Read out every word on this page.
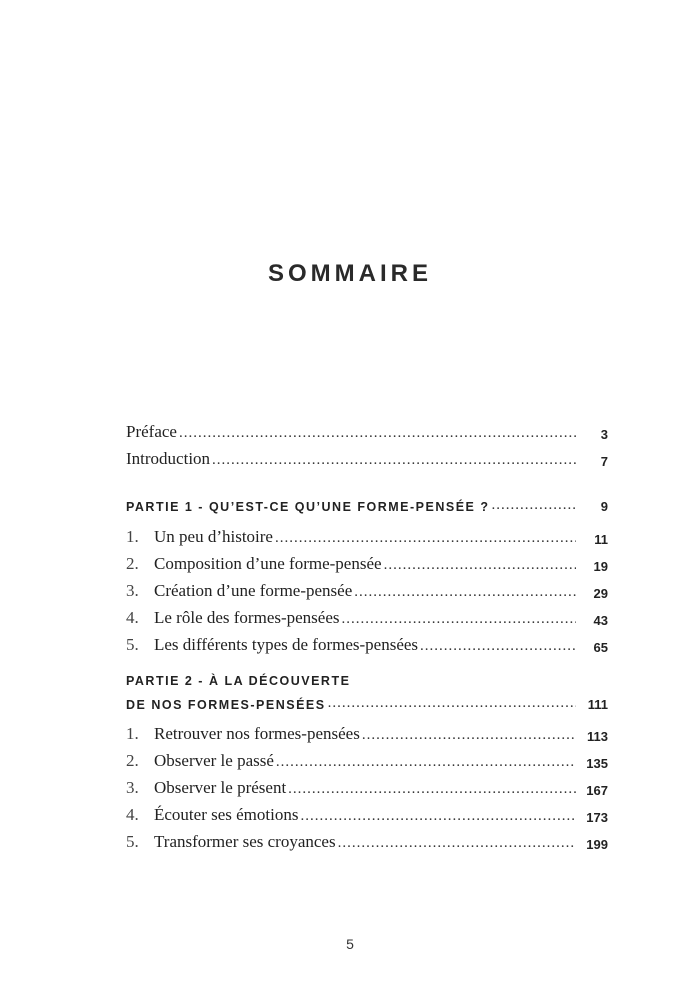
SOMMAIRE
Préface .....	3
Introduction .....	7
PARTIE 1 - QU’EST-CE QU’UNE FORME-PENSÉE ? .....	9
1. Un peu d’histoire .....	11
2. Composition d’une forme-pensée .....	19
3. Création d’une forme-pensée .....	29
4. Le rôle des formes-pensées .....	43
5. Les différents types de formes-pensées .....	65
PARTIE 2 - À LA DÉCOUVERTE
DE NOS FORMES-PENSÉES .....	111
1. Retrouver nos formes-pensées .....	113
2. Observer le passé .....	135
3. Observer le présent .....	167
4. Écouter ses émotions .....	173
5. Transformer ses croyances .....	199
5
